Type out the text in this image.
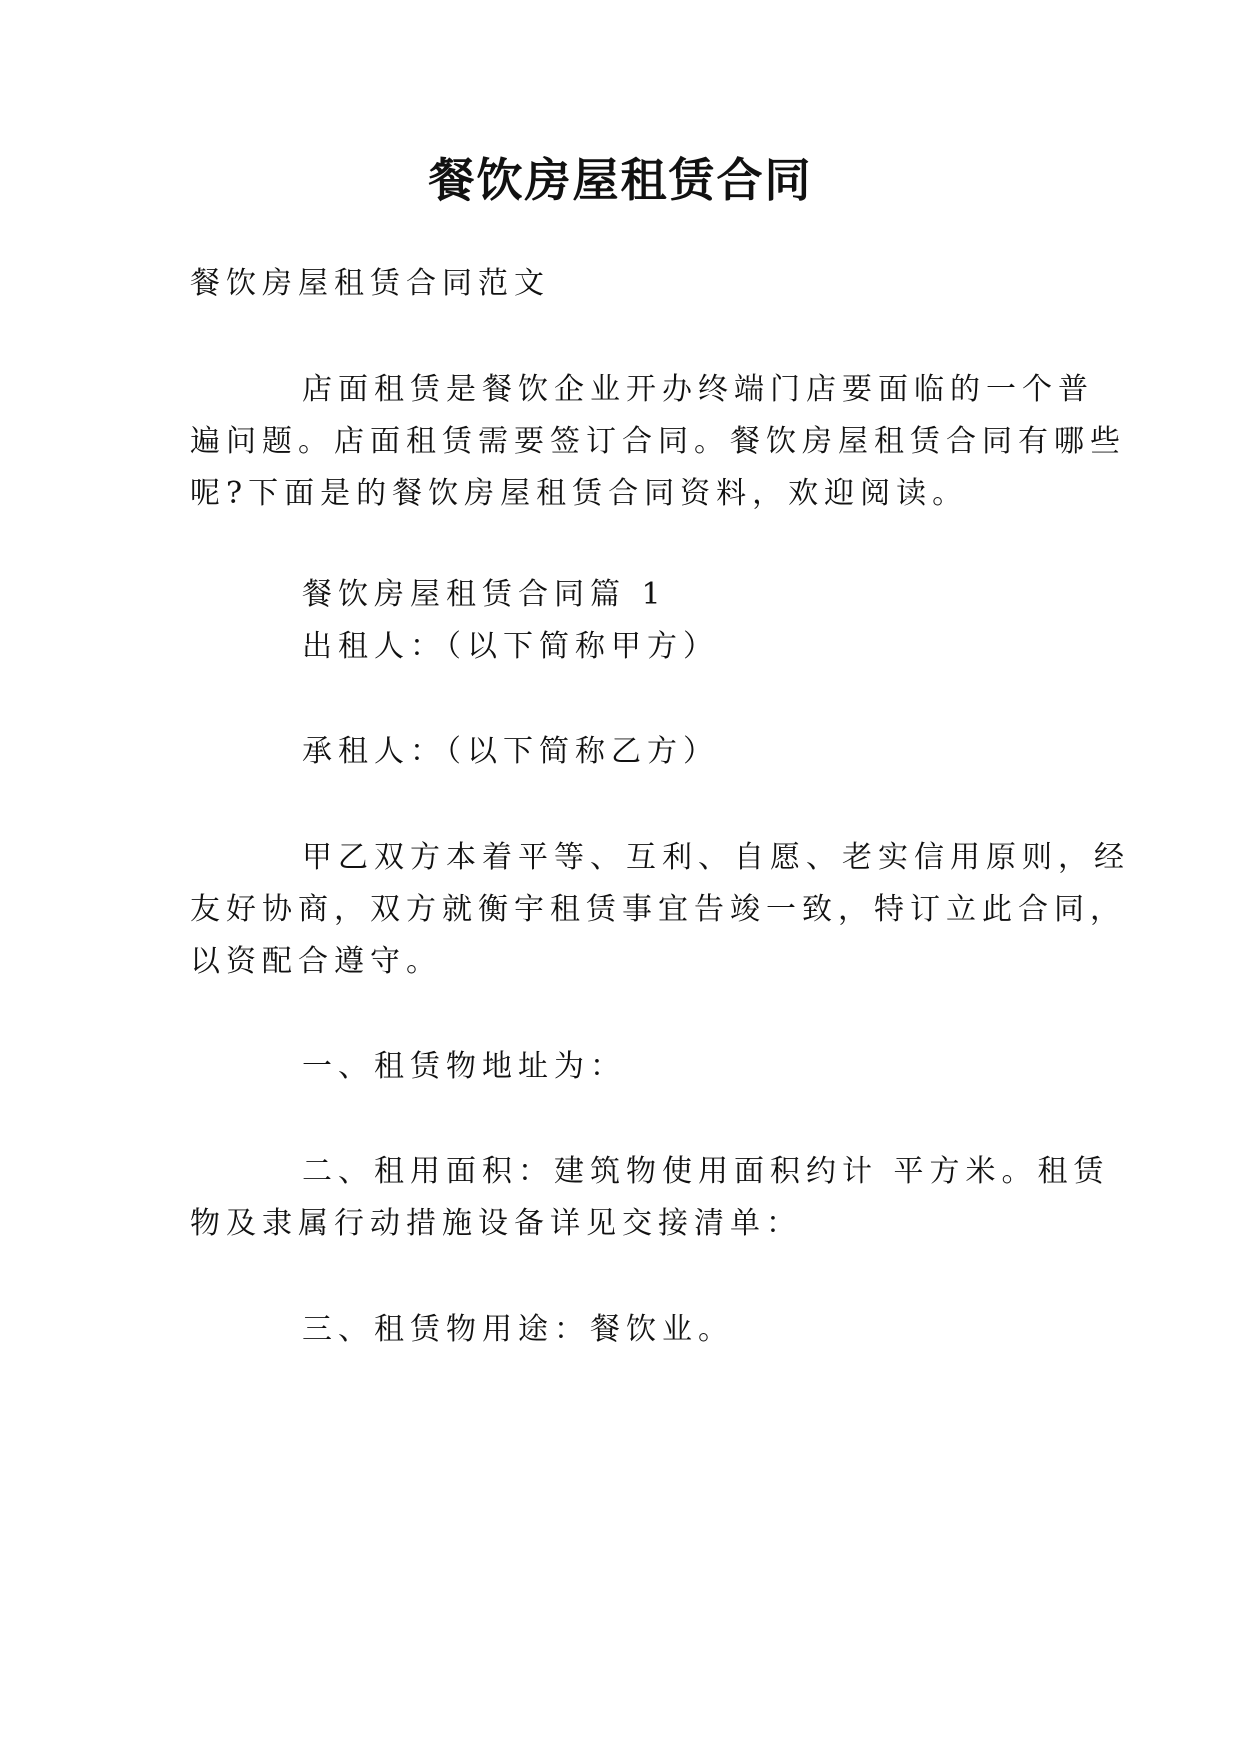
餐饮房屋租赁合同
餐饮房屋租赁合同范文
店面租赁是餐饮企业开办终端门店要面临的一个普
遍问题。店面租赁需要签订合同。餐饮房屋租赁合同有哪些
呢?下面是的餐饮房屋租赁合同资料，欢迎阅读。
餐饮房屋租赁合同篇 1
出租人：（以下简称甲方）
承租人：（以下简称乙方）
甲乙双方本着平等、互利、自愿、老实信用原则，经
友好协商，双方就衡宇租赁事宜告竣一致，特订立此合同，
以资配合遵守。
一、租赁物地址为：
二、租用面积：建筑物使用面积约计 平方米。租赁
物及隶属行动措施设备详见交接清单：
三、租赁物用途：餐饮业。
